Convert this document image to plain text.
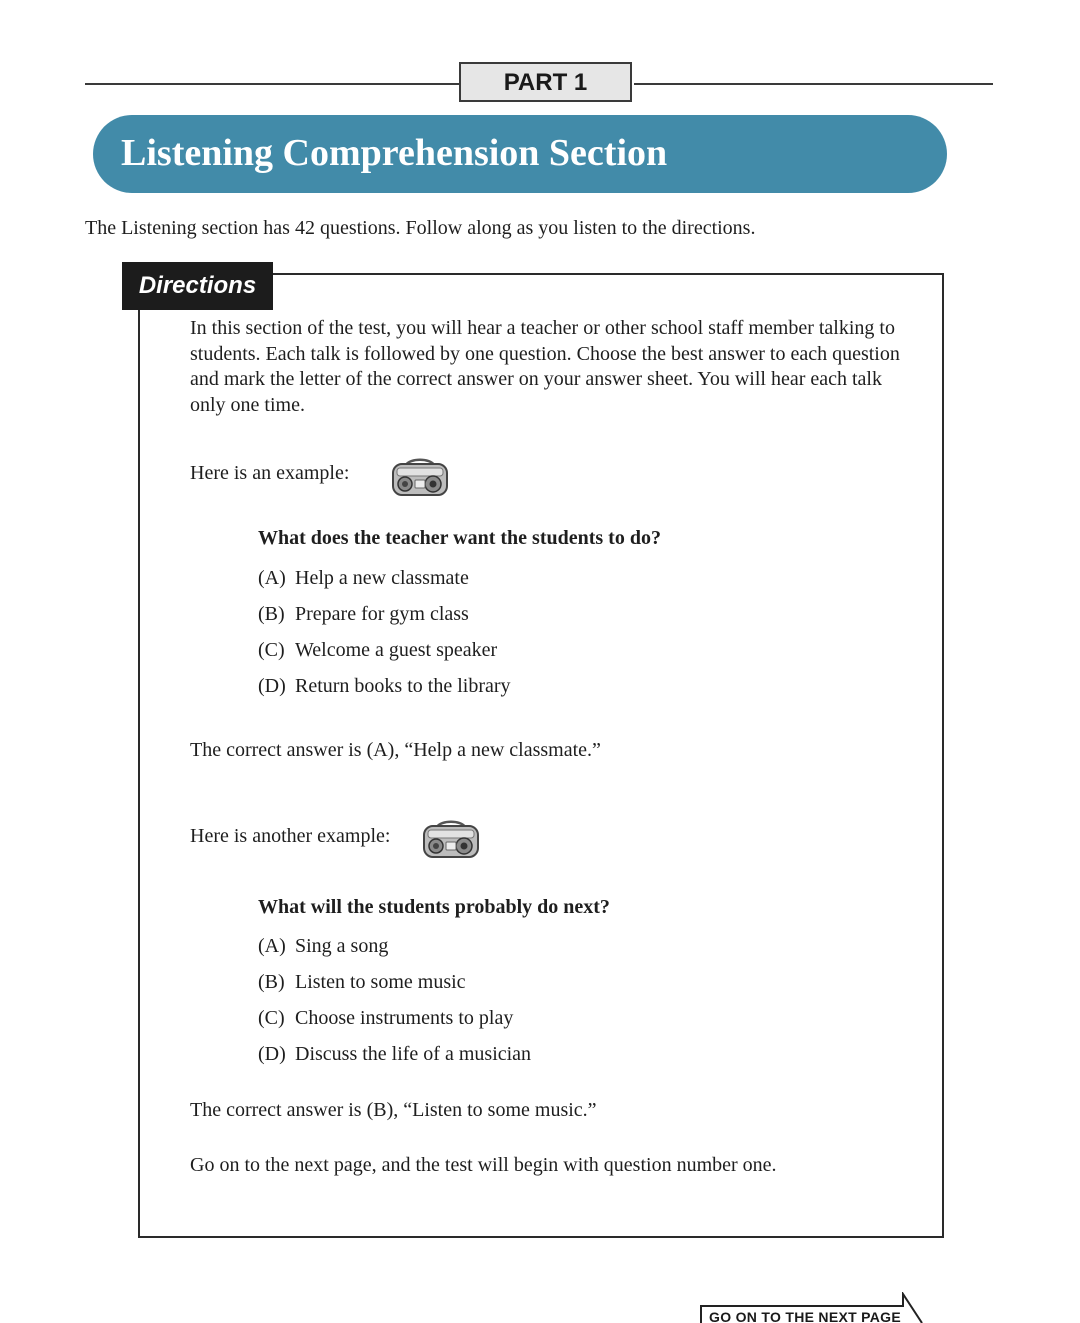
PART 1
Listening Comprehension Section
The Listening section has 42 questions. Follow along as you listen to the directions.
Directions
In this section of the test, you will hear a teacher or other school staff member talking to students. Each talk is followed by one question. Choose the best answer to each question and mark the letter of the correct answer on your answer sheet. You will hear each talk only one time.
Here is an example:
What does the teacher want the students to do?
(A) Help a new classmate
(B) Prepare for gym class
(C) Welcome a guest speaker
(D) Return books to the library
The correct answer is (A), “Help a new classmate.”
Here is another example:
What will the students probably do next?
(A) Sing a song
(B) Listen to some music
(C) Choose instruments to play
(D) Discuss the life of a musician
The correct answer is (B), “Listen to some music.”
Go on to the next page, and the test will begin with question number one.
GO ON TO THE NEXT PAGE
